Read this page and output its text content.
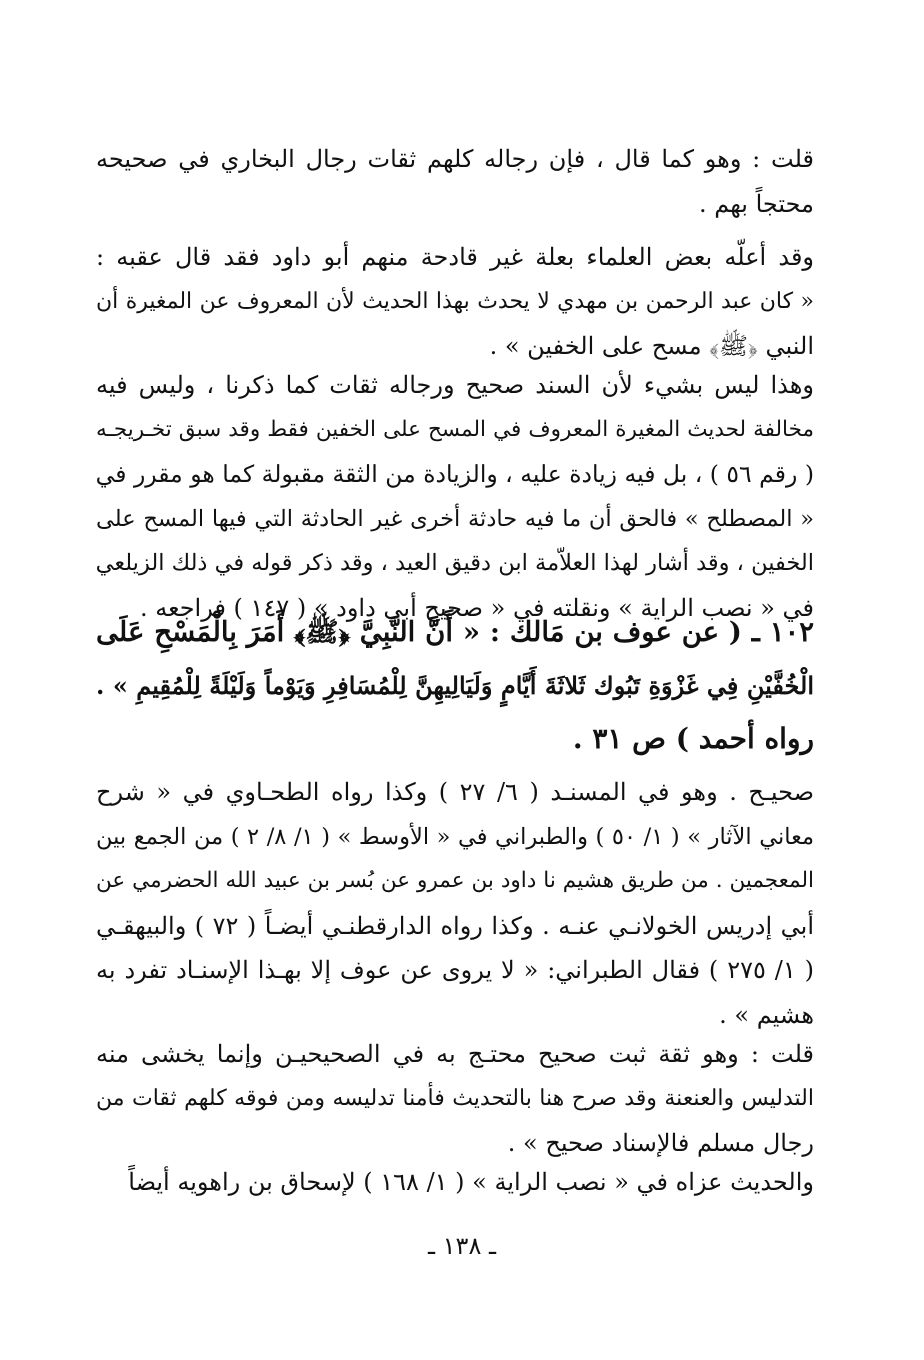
قلت : وهو كما قال ، فإن رجاله كلهم ثقات رجال البخاري في صحيحه
محتجاً بهم .
وقد أعلّه بعض العلماء بعلة غير قادحة منهم أبو داود فقد قال عقبه :
« كان عبد الرحمن بن مهدي لا يحدث بهذا الحديث لأن المعروف عن المغيرة أن
النبي ﴿ﷺ﴾ مسح على الخفين » .
وهذا ليس بشيء لأن السند صحيح ورجاله ثقات كما ذكرنا ، وليس فيه
مخالفة لحديث المغيرة المعروف في المسح على الخفين فقط وقد سبق تخـريجـه
( رقم ٥٦ ) ، بل فيه زيادة عليه ، والزيادة من الثقة مقبولة كما هو مقرر في
« المصطلح » فالحق أن ما فيه حادثة أخرى غير الحادثة التي فيها المسح على
الخفين ، وقد أشار لهذا العلاّمة ابن دقيق العيد ، وقد ذكر قوله في ذلك الزيلعي
في « نصب الراية » ونقلته في « صحيح أبي داود » ( ١٤٧ ) فراجعه .
١٠٢ ـ ( عن عوف بن مَالك : « أَنَّ النَّبِيَّ ﴿ﷺ﴾ أَمَرَ بِالْمَسْحِ عَلَى
الْخُفَّيْنِ فِي غَزْوَةِ تَبُوك ثَلاثَةَ أَيَّامٍ وَلَيَالِيهِنَّ لِلْمُسَافِرِ وَيَوْماً وَلَيْلَةً لِلْمُقِيمِ » .
رواه أحمد ) ص ٣١ .
صحيـح . وهو في المسنـد ( ٦/ ٢٧ ) وكذا رواه الطحـاوي في « شرح
معاني الآثار » ( ١/ ٥٠ ) والطبراني في « الأوسط » ( ١/ ٨/ ٢ ) من الجمع بين
المعجمين . من طريق هشيم نا داود بن عمرو عن بُسر بن عبيد الله الحضرمي عن
أبي إدريس الخولانـي عنـه . وكذا رواه الدارقطنـي أيضـاً ( ٧٢ ) والبيهقـي
( ١/ ٢٧٥ ) فقال الطبراني: « لا يروى عن عوف إلا بهـذا الإسنـاد تفرد به
هشيم » .
قلت : وهو ثقة ثبت صحيح محتـج به في الصحيحيـن وإنما يخشى منه
التدليس والعنعنة وقد صرح هنا بالتحديث فأمنا تدليسه ومن فوقه كلهم ثقات من
رجال مسلم فالإسناد صحيح » .
والحديث عزاه في « نصب الراية » ( ١/ ١٦٨ ) لإسحاق بن راهويه أيضاً
ـ ١٣٨ ـ
